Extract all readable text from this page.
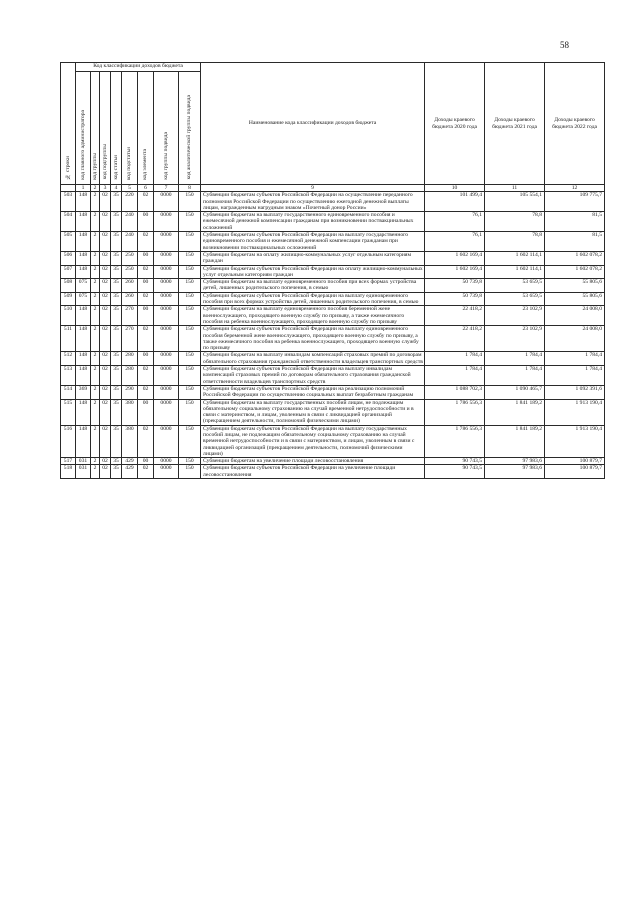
58
№ строки	Код классификации доходов бюджета								Наименование кода классификации доходов бюджета	Доходы краевого бюджета 2020 года	Доходы краевого бюджета 2021 года	Доходы краевого бюджета 2022 года
	код главного администратора	код группы	код подгруппы	код статьи	код подстатьи	код элемента	код группы подвида	код аналитической группы подвида				
	1	2	3	4	5	6	7	8	9	10	11	12
503	148	2	02	35	220	02	0000	150	Субвенции бюджетам субъектов Российской Федерации на осуществление переданного полномочия Российской Федерации по осуществлению ежегодной денежной выплаты лицам, награжденным нагрудным знаком «Почетный донор России»	101 499,4	105 554,1	109 775,7
504	148	2	02	35	240	00	0000	150	Субвенции бюджетам на выплату государственного единовременного пособия и ежемесячной денежной компенсации гражданам при возникновении поствакцинальных осложнений	76,1	78,8	81,5
505	148	2	02	35	240	02	0000	150	Субвенции бюджетам субъектов Российской Федерации на выплату государственного единовременного пособия и ежемесячной денежной компенсации гражданам при возникновении поствакцинальных осложнений	76,1	78,8	81,5
506	148	2	02	35	250	00	0000	150	Субвенции бюджетам на оплату жилищно-коммунальных услуг отдельным категориям граждан	1 602 169,4	1 602 114,1	1 602 078,2
507	148	2	02	35	250	02	0000	150	Субвенции бюджетам субъектов Российской Федерации на оплату жилищно-коммунальных услуг отдельным категориям граждан	1 602 169,4	1 602 114,1	1 602 078,2
508	075	2	02	35	260	00	0000	150	Субвенции бюджетам на выплату единовременного пособия при всех формах устройства детей, лишенных родительского попечения, в семью	50 739,8	53 659,5	55 805,6
509	075	2	02	35	260	02	0000	150	Субвенции бюджетам субъектов Российской Федерации на выплату единовременного пособия при всех формах устройства детей, лишенных родительского попечения, в семью	50 739,8	53 659,5	55 805,6
510	148	2	02	35	270	00	0000	150	Субвенции бюджетам на выплату единовременного пособия беременной жене военнослужащего, проходящего военную службу по призыву, а также ежемесячного пособия на ребенка военнослужащего, проходящего военную службу по призыву	22 418,2	23 102,9	24 008,0
511	148	2	02	35	270	02	0000	150	Субвенции бюджетам субъектов Российской Федерации на выплату единовременного пособия беременной жене военнослужащего, проходящего военную службу по призыву, а также ежемесячного пособия на ребенка военнослужащего, проходящего военную службу по призыву	22 418,2	23 102,9	24 008,0
512	148	2	02	35	280	00	0000	150	Субвенции бюджетам на выплату инвалидам компенсаций страховых премий по договорам обязательного страхования гражданской ответственности владельцев транспортных средств	1 784,4	1 784,4	1 784,4
513	148	2	02	35	280	02	0000	150	Субвенции бюджетам субъектов Российской Федерации на выплату инвалидам компенсаций страховых премий по договорам обязательного страхования гражданской ответственности владельцев транспортных средств	1 784,4	1 784,4	1 784,4
514	369	2	02	35	290	02	0000	150	Субвенции бюджетам субъектов Российской Федерации на реализацию полномочий Российской Федерации по осуществлению социальных выплат безработным гражданам	1 088 702,3	1 090 465,7	1 092 391,6
515	148	2	02	35	380	00	0000	150	Субвенции бюджетам на выплату государственных пособий лицам, не подлежащим обязательному социальному страхованию на случай временной нетрудоспособности и в связи с материнством, и лицам, уволенным в связи с ликвидацией организаций (прекращением деятельности, полномочий физическими лицами)	1 786 556,3	1 841 189,2	1 913 190,4
516	148	2	02	35	380	02	0000	150	Субвенции бюджетам субъектов Российской Федерации на выплату государственных пособий лицам, не подлежащим обязательному социальному страхованию на случай временной нетрудоспособности и в связи с материнством, и лицам, уволенным в связи с ликвидацией организаций (прекращением деятельности, полномочий физическими лицами)	1 786 556,3	1 841 189,2	1 913 190,4
517	031	2	02	35	429	00	0000	150	Субвенции бюджетам на увеличение площади лесовосстановления	90 743,5	97 983,6	100 879,7
518	031	2	02	35	429	02	0000	150	Субвенции бюджетам субъектов Российской Федерации на увеличение площади лесовосстановления	90 743,5	97 983,6	100 879,7
